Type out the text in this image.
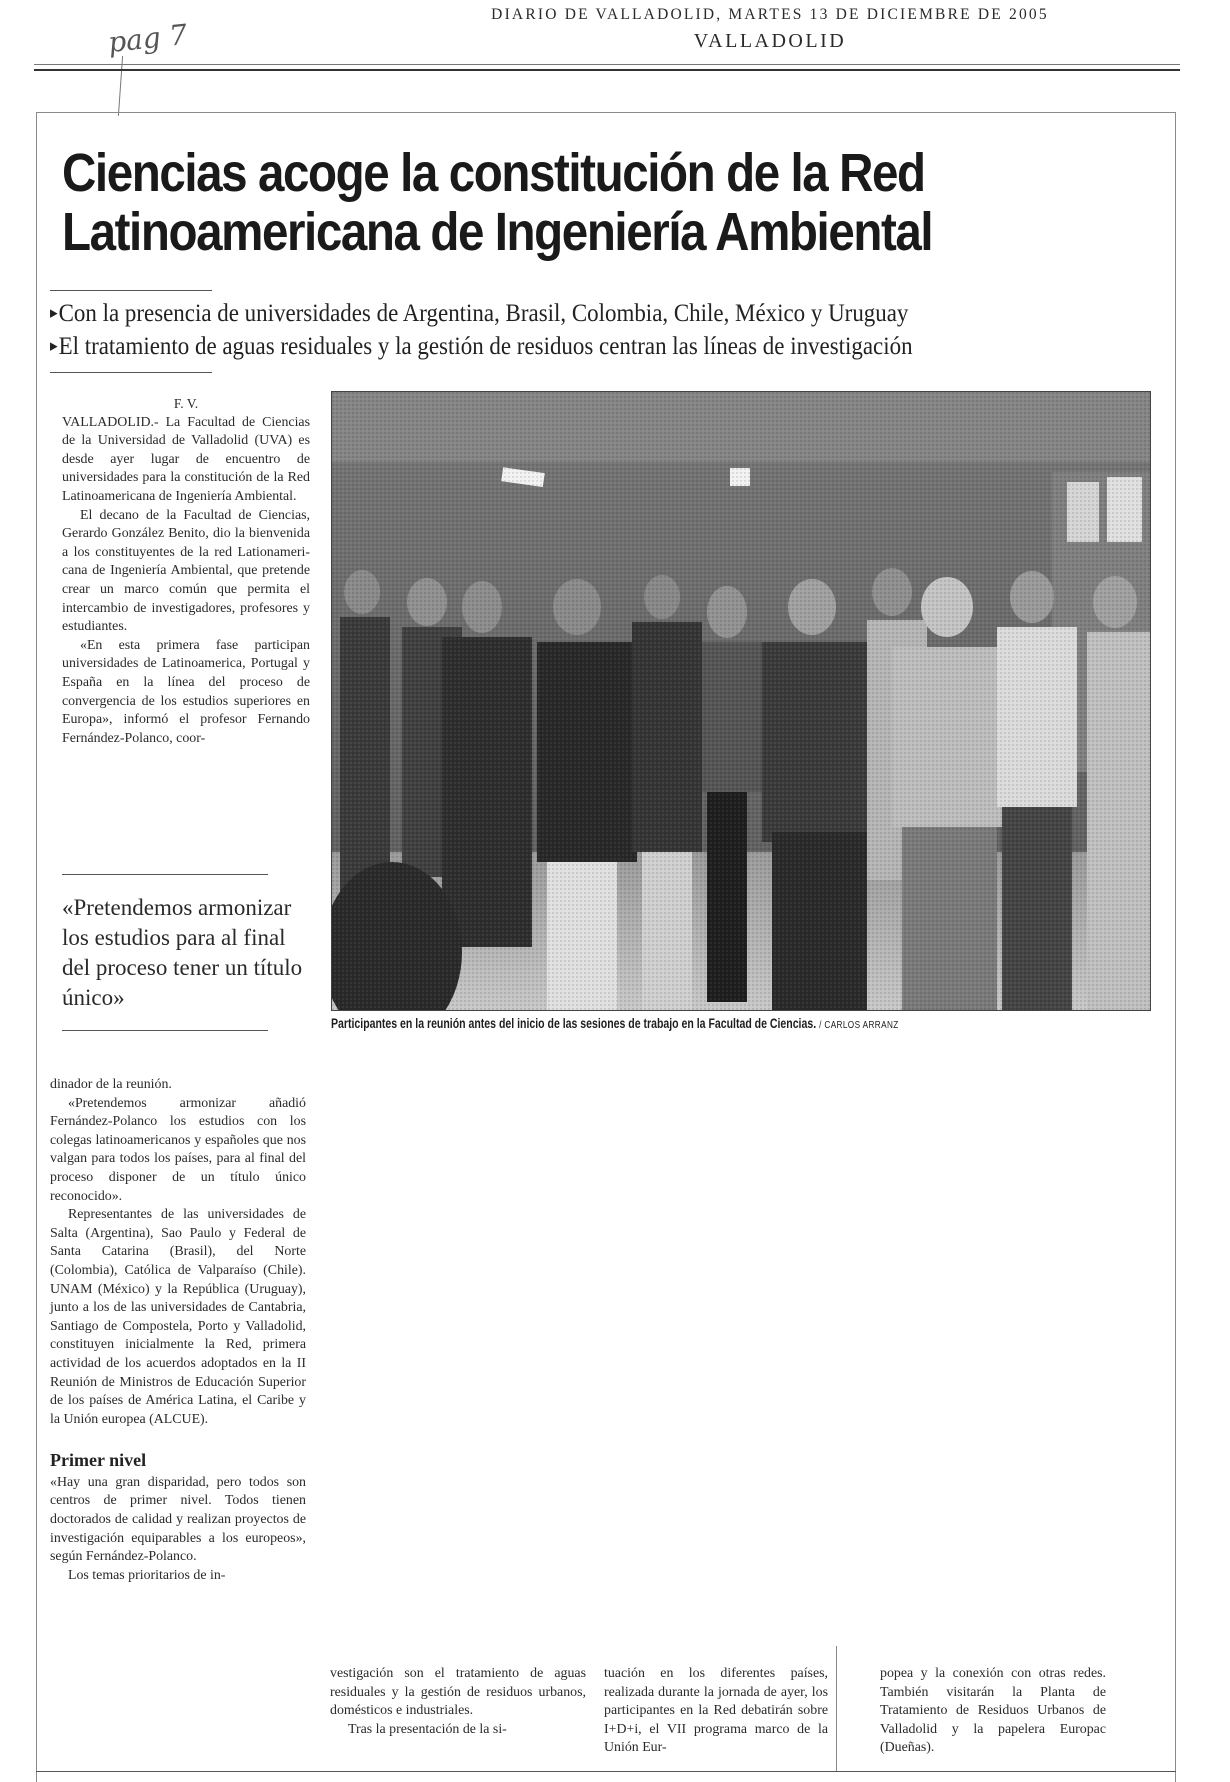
pag 7
DIARIO DE VALLADOLID, MARTES 13 DE DICIEMBRE DE 2005
VALLADOLID
Ciencias acoge la constitución de la Red
Latinoamericana de Ingeniería Ambiental
▸Con la presencia de universidades de Argentina, Brasil, Colombia, Chile, México y Uruguay
▸El tratamiento de aguas residuales y la gestión de residuos centran las líneas de investigación

F. V.

VALLADOLID.- La Facultad de Ciencias de la Universidad de Valladolid (UVA) es desde ayer lugar de encuentro de universidades para la constitución de la Red Latinoamericana de Ingeniería Ambiental.

El decano de la Facultad de Ciencias, Gerardo González Benito, dio la bienvenida a los constituyentes de la red Lationamericana de Ingeniería Ambiental, que pretende crear un marco común que permita el intercambio de investigadores, profesores y estudiantes.

«En esta primera fase participan universidades de Latinoamerica, Portugal y España en la línea del proceso de convergencia de los estudios superiores en Europa», informó el profesor Fernando Fernández-Polanco, coor-

«Pretendemos armonizar los estudios para al final del proceso tener un título único»
Participantes en la reunión antes del inicio de las sesiones de trabajo en la Facultad de Ciencias. / CARLOS ARRANZ

dinador de la reunión.

«Pretendemos armonizar añadió Fernández-Polanco los estudios con los colegas latinoamericanos y españoles que nos valgan para todos los países, para al final del proceso disponer de un título único reconocido».

Representantes de las universidades de Salta (Argentina), Sao Paulo y Federal de Santa Catarina (Brasil), del Norte (Colombia), Católica de Valparaíso (Chile). UNAM (México) y la República (Uruguay), junto a los de las universidades de Cantabria, Santiago de Compostela, Porto y Valladolid, constituyen inicialmente la Red, primera actividad de los acuerdos adoptados en la II Reunión de Ministros de Educación Superior de los países de América Latina, el Caribe y la Unión europea (ALCUE).

Primer nivel

«Hay una gran disparidad, pero todos son centros de primer nivel. Todos tienen doctorados de calidad y realizan proyectos de investigación equiparables a los europeos», según Fernández-Polanco.

Los temas prioritarios de in-

vestigación son el tratamiento de aguas residuales y la gestión de residuos urbanos, domésticos e industriales.

Tras la presentación de la si-

tuación en los diferentes países, realizada durante la jornada de ayer, los participantes en la Red debatirán sobre I+D+i, el VII programa marco de la Unión Eur-

popea y la conexión con otras redes. También visitarán la Planta de Tratamiento de Residuos Urbanos de Valladolid y la papelera Europac (Dueñas).
